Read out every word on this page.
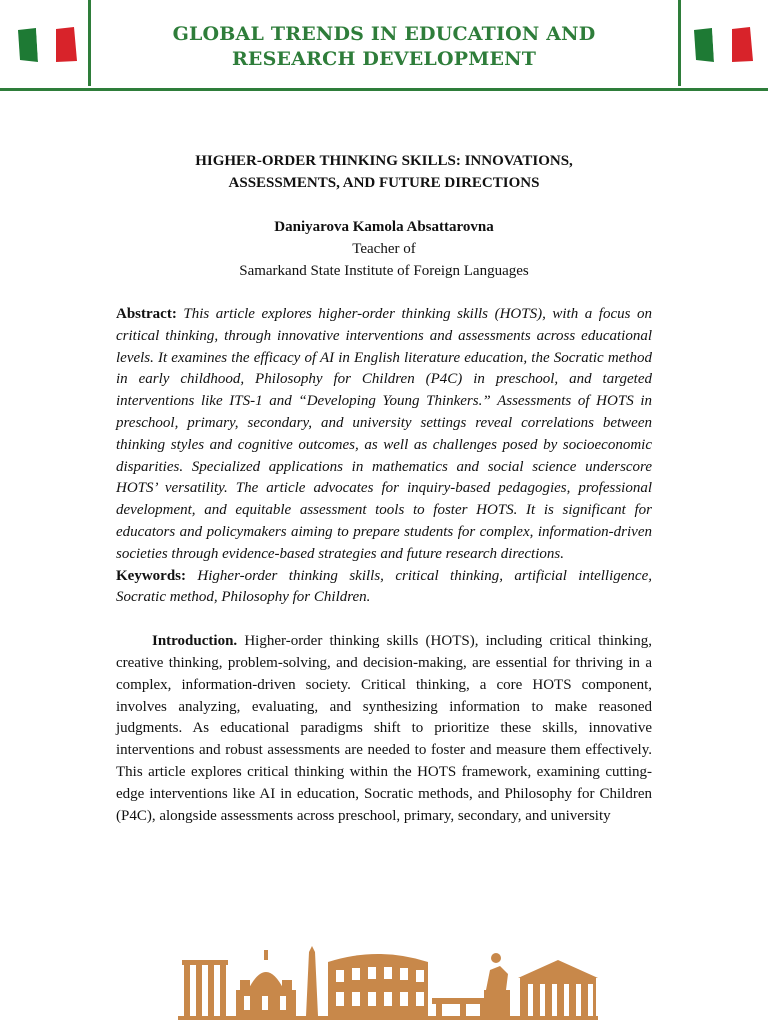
GLOBAL TRENDS IN EDUCATION AND
RESEARCH DEVELOPMENT
HIGHER-ORDER THINKING SKILLS: INNOVATIONS,
ASSESSMENTS, AND FUTURE DIRECTIONS
Daniyarova Kamola Absattarovna
Teacher of
Samarkand State Institute of Foreign Languages
Abstract: This article explores higher-order thinking skills (HOTS), with a focus on critical thinking, through innovative interventions and assessments across educational levels. It examines the efficacy of AI in English literature education, the Socratic method in early childhood, Philosophy for Children (P4C) in preschool, and targeted interventions like ITS-1 and “Developing Young Thinkers.” Assessments of HOTS in preschool, primary, secondary, and university settings reveal correlations between thinking styles and cognitive outcomes, as well as challenges posed by socioeconomic disparities. Specialized applications in mathematics and social science underscore HOTS’ versatility. The article advocates for inquiry-based pedagogies, professional development, and equitable assessment tools to foster HOTS. It is significant for educators and policymakers aiming to prepare students for complex, information-driven societies through evidence-based strategies and future research directions.
Keywords: Higher-order thinking skills, critical thinking, artificial intelligence, Socratic method, Philosophy for Children.
Introduction. Higher-order thinking skills (HOTS), including critical thinking, creative thinking, problem-solving, and decision-making, are essential for thriving in a complex, information-driven society. Critical thinking, a core HOTS component, involves analyzing, evaluating, and synthesizing information to make reasoned judgments. As educational paradigms shift to prioritize these skills, innovative interventions and robust assessments are needed to foster and measure them effectively. This article explores critical thinking within the HOTS framework, examining cutting-edge interventions like AI in education, Socratic methods, and Philosophy for Children (P4C), alongside assessments across preschool, primary, secondary, and university
